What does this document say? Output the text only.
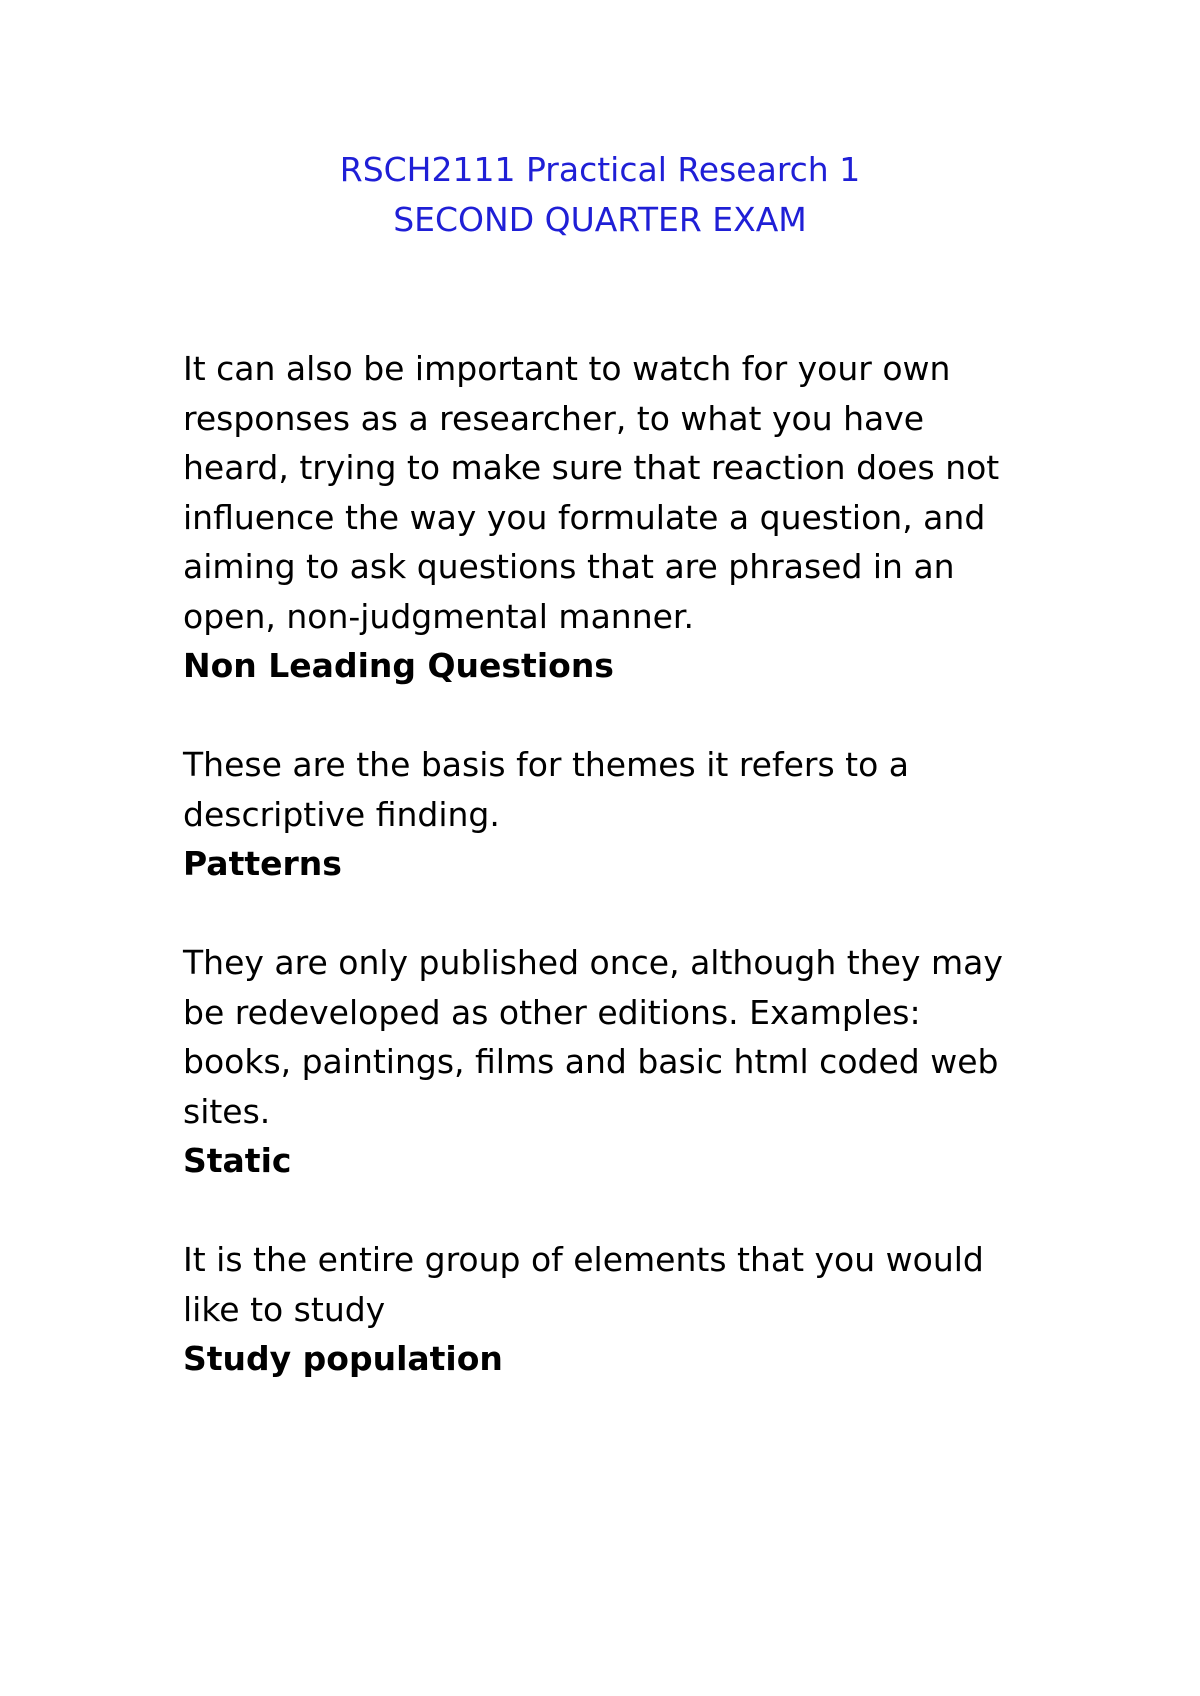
RSCH2111 Practical Research 1
SECOND QUARTER EXAM
It can also be important to watch for your own
responses as a researcher, to what you have
heard, trying to make sure that reaction does not
influence the way you formulate a question, and
aiming to ask questions that are phrased in an
open, non-judgmental manner.
Non Leading Questions
These are the basis for themes it refers to a
descriptive finding.
Patterns
They are only published once, although they may
be redeveloped as other editions. Examples:
books, paintings, films and basic html coded web
sites.
Static
It is the entire group of elements that you would
like to study
Study population
